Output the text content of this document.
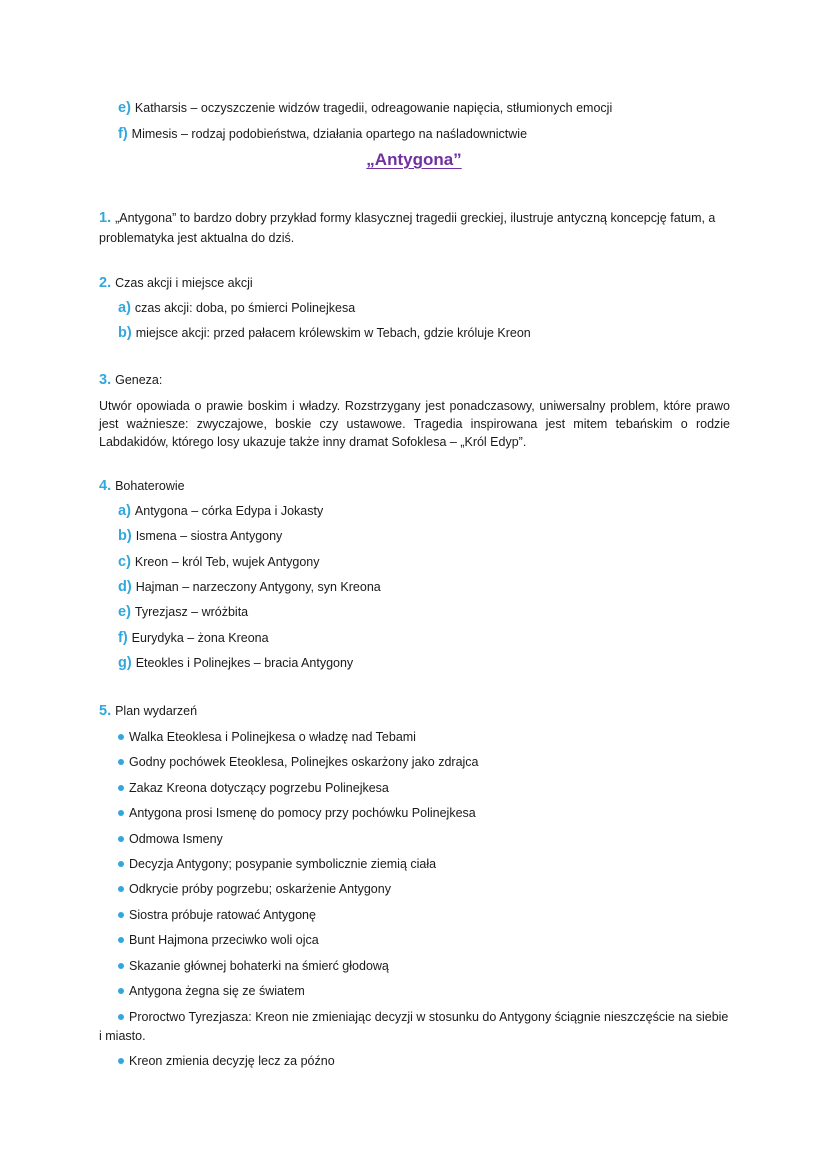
e) Katharsis – oczyszczenie widzów tragedii, odreagowanie napięcia, stłumionych emocji
f) Mimesis – rodzaj podobieństwa, działania opartego na naśladownictwie
„Antygona”
1. „Antygona” to bardzo dobry przykład formy klasycznej tragedii greckiej, ilustruje antyczną koncepcję fatum, a
problematyka jest aktualna do dziś.
2. Czas akcji i miejsce akcji
a) czas akcji: doba, po śmierci Polinejkesa
b) miejsce akcji: przed pałacem królewskim w Tebach, gdzie króluje Kreon
3. Geneza:
Utwór opowiada o prawie boskim i władzy. Rozstrzygany jest ponadczasowy, uniwersalny problem, które prawo jest ważniesze: zwyczajowe, boskie czy ustawowe. Tragedia inspirowana jest mitem tebańskim o rodzie Labdakidów, którego losy ukazuje także inny dramat Sofoklesa – „Król Edyp”.
4. Bohaterowie
a) Antygona – córka Edypa i Jokasty
b) Ismena – siostra Antygony
c) Kreon – król Teb, wujek Antygony
d) Hajman – narzeczony Antygony, syn Kreona
e) Tyrezjasz – wróżbita
f) Eurydyka – żona Kreona
g) Eteokles i Polinejkes – bracia Antygony
5. Plan wydarzeń
Walka Eteoklesa i Polinejkesa o władzę nad Tebami
Godny pochówek Eteoklesa, Polinejkes oskarżony jako zdrajca
Zakaz Kreona dotyczący pogrzebu Polinejkesa
Antygona prosi Ismenę do pomocy przy pochówku Polinejkesa
Odmowa Ismeny
Decyzja Antygony; posypanie symbolicznie ziemią ciała
Odkrycie próby pogrzebu; oskarżenie Antygony
Siostra próbuje ratować Antygonę
Bunt Hajmona przeciwko woli ojca
Skazanie głównej bohaterki na śmierć głodową
Antygona żegna się ze światem
Proroctwo Tyrezjasza: Kreon nie zmieniając decyzji w stosunku do Antygony ściągnie nieszczęście na siebie
i miasto.
Kreon zmienia decyzję lecz za późno
